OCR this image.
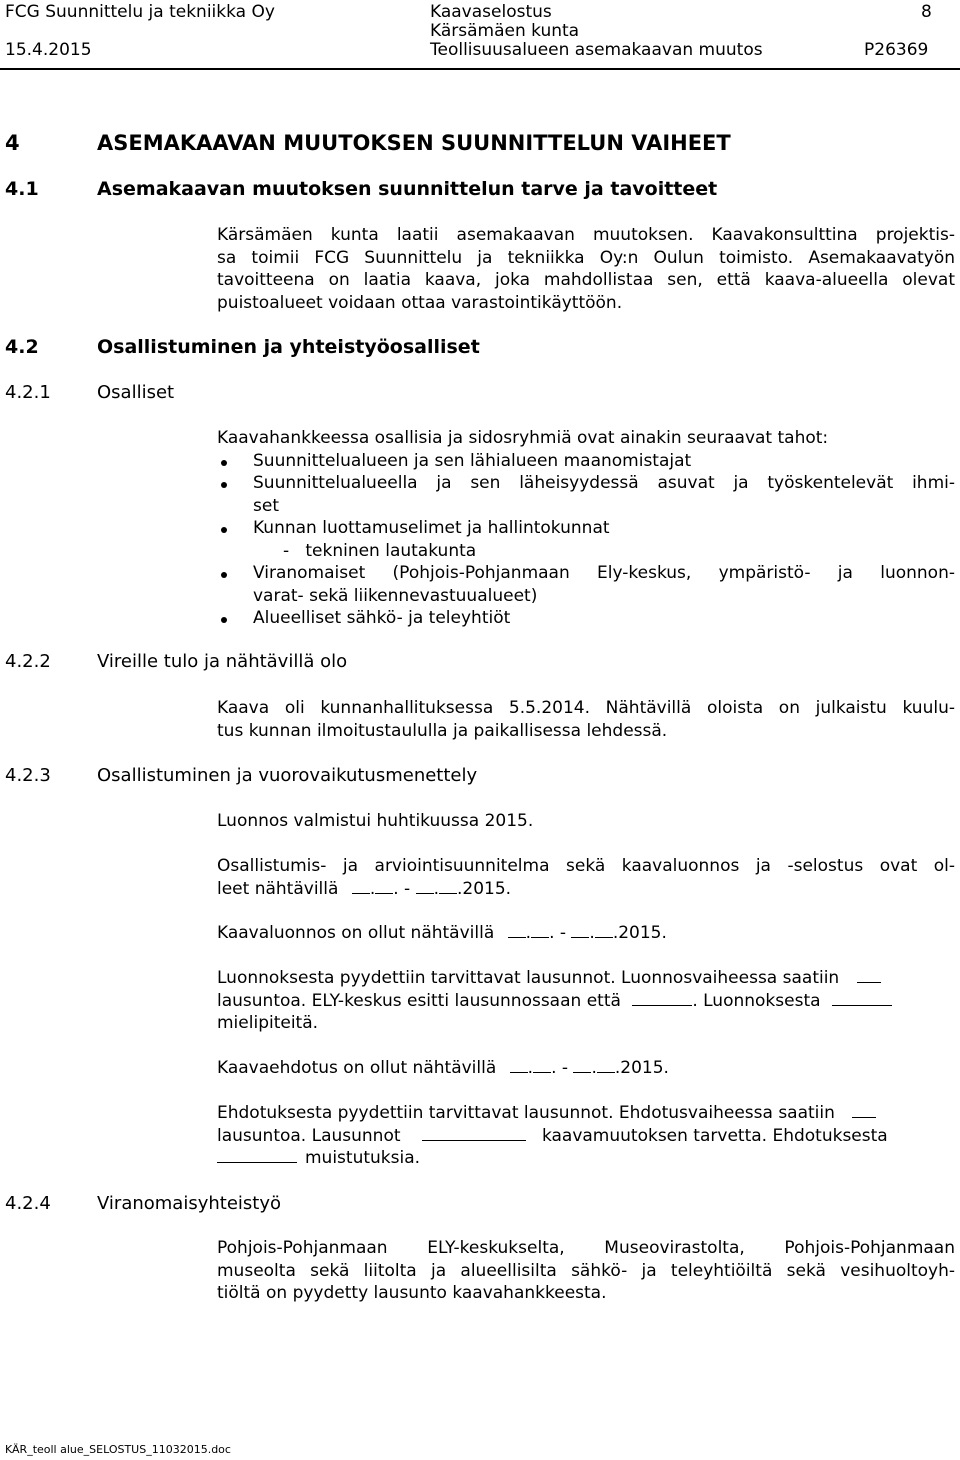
FCG Suunnittelu ja tekniikka Oy
15.4.2015
Kaavaselostus
Kärsämäen kunta
Teollisuusalueen asemakaavan muutos
8
P26369
4	ASEMAKAAVAN MUUTOKSEN SUUNNITTELUN VAIHEET
4.1	Asemakaavan muutoksen suunnittelun tarve ja tavoitteet
Kärsämäen kunta laatii asemakaavan muutoksen. Kaavakonsulttina projektis-
sa toimii FCG Suunnittelu ja tekniikka Oy:n Oulun toimisto. Asemakaavatyön
tavoitteena on laatia kaava, joka mahdollistaa sen, että kaava-alueella olevat
puistoalueet voidaan ottaa varastointikäyttöön.
4.2	Osallistuminen ja yhteistyöosalliset
4.2.1	Osalliset
Kaavahankkeessa osallisia ja sidosryhmiä ovat ainakin seuraavat tahot:
Suunnittelualueen ja sen lähialueen maanomistajat
Suunnittelualueella ja sen läheisyydessä asuvat ja työskentelevät ihmi-
set
Kunnan luottamuselimet ja hallintokunnat
-   tekninen lautakunta
Viranomaiset (Pohjois-Pohjanmaan Ely-keskus, ympäristö- ja luonnon-
varat- sekä liikennevastuualueet)
Alueelliset sähkö- ja teleyhtiöt
4.2.2	Vireille tulo ja nähtävillä olo
Kaava oli kunnanhallituksessa 5.5.2014. Nähtävillä oloista on julkaistu kuulu-
tus kunnan ilmoitustaululla ja paikallisessa lehdessä.
4.2.3	Osallistuminen ja vuorovaikutusmenettely
Luonnos valmistui huhtikuussa 2015.
Osallistumis- ja arviointisuunnitelma sekä kaavaluonnos ja -selostus ovat ol-
leet nähtävillä . . - . .2015.
Kaavaluonnos on ollut nähtävillä . . - . .2015.
Luonnoksesta pyydettiin tarvittavat lausunnot. Luonnosvaiheessa saatiin
lausuntoa. ELY-keskus esitti lausunnossaan että	. Luonnoksesta
mielipiteitä.
Kaavaehdotus on ollut nähtävillä . . - . .2015.
Ehdotuksesta pyydettiin tarvittavat lausunnot. Ehdotusvaiheessa saatiin
lausuntoa. Lausunnot	kaavamuutoksen tarvetta. Ehdotuksesta
muistutuksia.
4.2.4	Viranomaisyhteistyö
Pohjois-Pohjanmaan ELY-keskukselta, Museovirastolta, Pohjois-Pohjanmaan
museolta sekä liitolta ja alueellisilta sähkö- ja teleyhtiöiltä sekä vesihuoltoyh-
tiöltä on pyydetty lausunto kaavahankkeesta.
KÄR_teoll alue_SELOSTUS_11032015.doc
